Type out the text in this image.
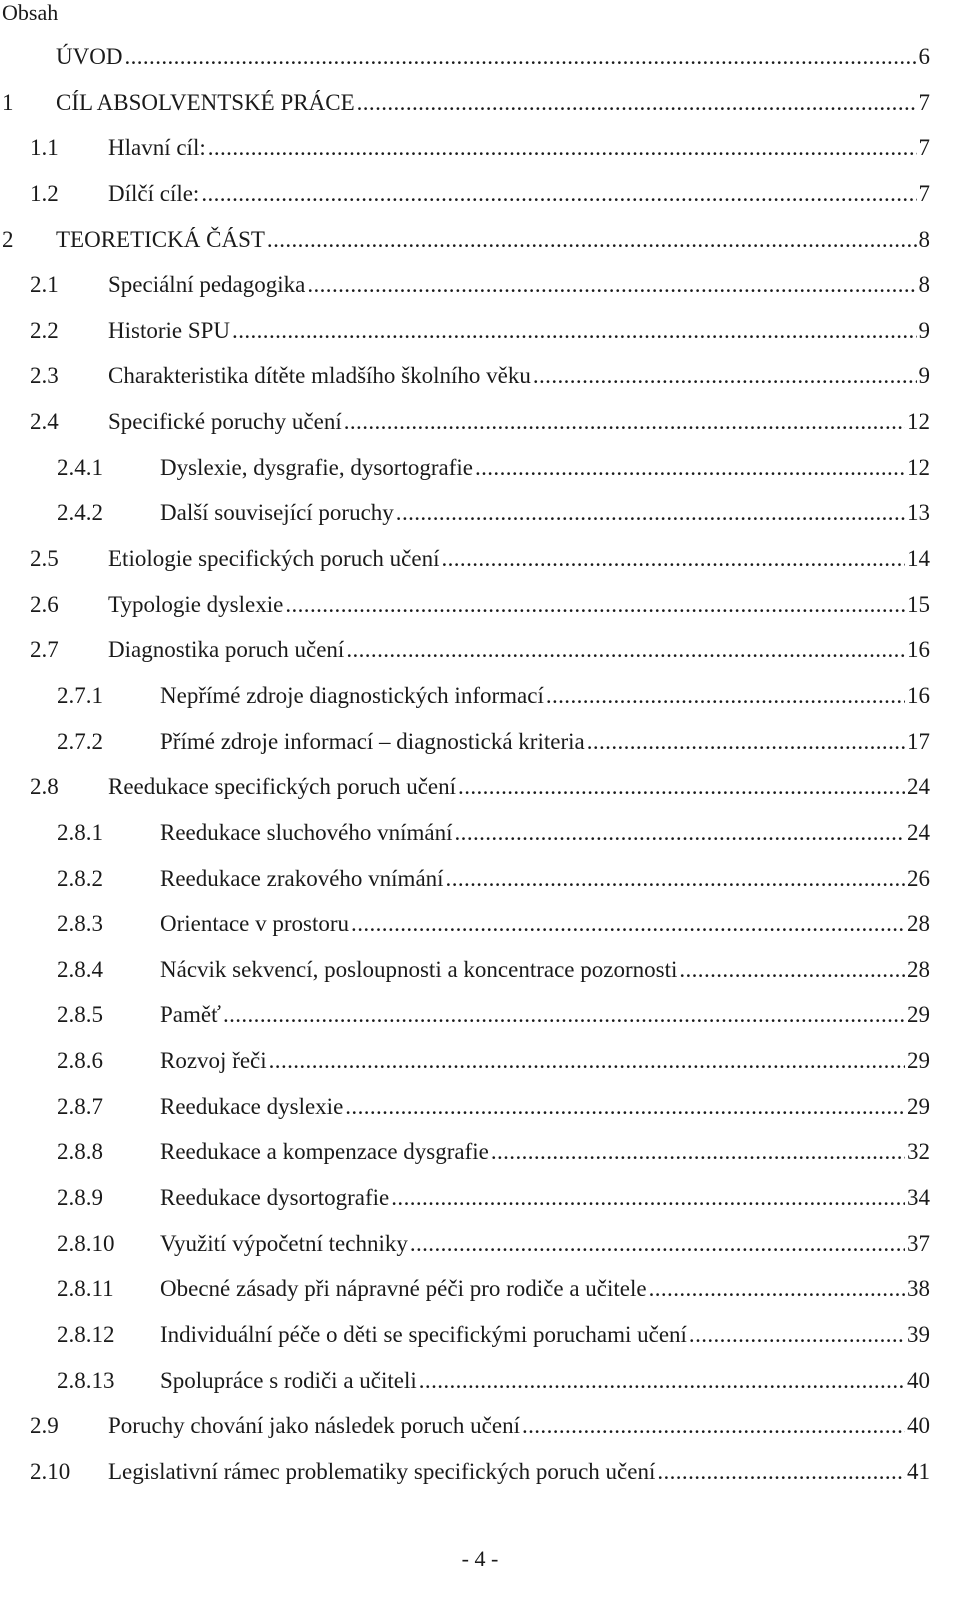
Obsah
ÚVOD .....	6
1 CÍL ABSOLVENTSKÉ PRÁCE .....	7
1.1 Hlavní cíl: .....	7
1.2 Dílčí cíle: .....	7
2 TEORETICKÁ ČÁST .....	8
2.1 Speciální pedagogika .....	8
2.2 Historie SPU .....	9
2.3 Charakteristika dítěte mladšího školního věku .....	9
2.4 Specifické poruchy učení .....	12
2.4.1 Dyslexie, dysgrafie, dysortografie .....	12
2.4.2 Další související poruchy .....	13
2.5 Etiologie specifických poruch učení .....	14
2.6 Typologie dyslexie .....	15
2.7 Diagnostika poruch učení .....	16
2.7.1 Nepřímé zdroje diagnostických informací .....	16
2.7.2 Přímé zdroje informací – diagnostická kriteria .....	17
2.8 Reedukace specifických poruch učení .....	24
2.8.1 Reedukace sluchového vnímání .....	24
2.8.2 Reedukace zrakového vnímání .....	26
2.8.3 Orientace v prostoru .....	28
2.8.4 Nácvik sekvencí, posloupnosti a koncentrace pozornosti .....	28
2.8.5 Paměť .....	29
2.8.6 Rozvoj řeči .....	29
2.8.7 Reedukace dyslexie .....	29
2.8.8 Reedukace a kompenzace dysgrafie .....	32
2.8.9 Reedukace dysortografie .....	34
2.8.10 Využití výpočetní techniky .....	37
2.8.11 Obecné zásady při nápravné péči pro rodiče a učitele .....	38
2.8.12 Individuální péče o děti se specifickými poruchami učení .....	39
2.8.13 Spolupráce s rodiči a učiteli .....	40
2.9 Poruchy chování jako následek poruch učení .....	40
2.10 Legislativní rámec problematiky specifických poruch učení .....	41
- 4 -
